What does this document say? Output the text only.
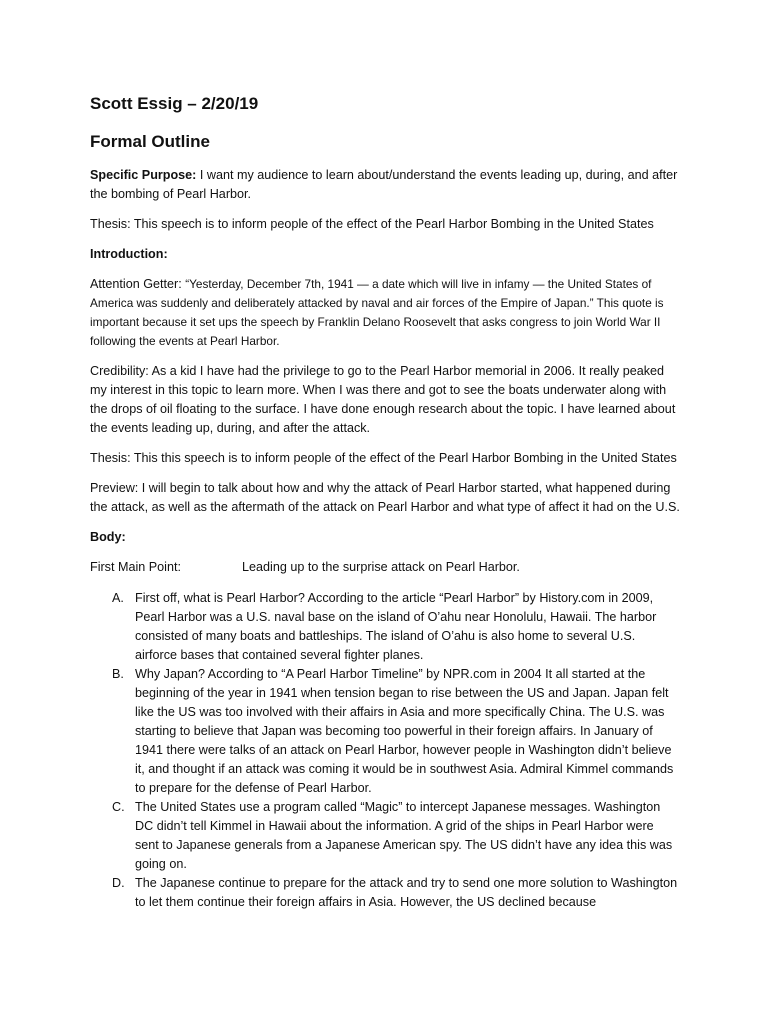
Scott Essig – 2/20/19
Formal Outline

Specific Purpose: I want my audience to learn about/understand the events leading up, during, and after the bombing of Pearl Harbor.

Thesis: This speech is to inform people of the effect of the Pearl Harbor Bombing in the United States

Introduction:

Attention Getter: “Yesterday, December 7th, 1941 — a date which will live in infamy — the United States of America was suddenly and deliberately attacked by naval and air forces of the Empire of Japan.” This quote is important because it set ups the speech by Franklin Delano Roosevelt that asks congress to join World War II following the events at Pearl Harbor.

Credibility: As a kid I have had the privilege to go to the Pearl Harbor memorial in 2006. It really peaked my interest in this topic to learn more. When I was there and got to see the boats underwater along with the drops of oil floating to the surface. I have done enough research about the topic. I have learned about the events leading up, during, and after the attack.

Thesis: This this speech is to inform people of the effect of the Pearl Harbor Bombing in the United States

Preview: I will begin to talk about how and why the attack of Pearl Harbor started, what happened during the attack, as well as the aftermath of the attack on Pearl Harbor and what type of affect it had on the U.S.

Body:

First Main Point:	Leading up to the surprise attack on Pearl Harbor.
A. First off, what is Pearl Harbor? According to the article “Pearl Harbor” by History.com in 2009, Pearl Harbor was a U.S. naval base on the island of O’ahu near Honolulu, Hawaii. The harbor consisted of many boats and battleships. The island of O’ahu is also home to several U.S. airforce bases that contained several fighter planes.
B. Why Japan? According to “A Pearl Harbor Timeline” by NPR.com in 2004 It all started at the beginning of the year in 1941 when tension began to rise between the US and Japan. Japan felt like the US was too involved with their affairs in Asia and more specifically China. The U.S. was starting to believe that Japan was becoming too powerful in their foreign affairs. In January of 1941 there were talks of an attack on Pearl Harbor, however people in Washington didn’t believe it, and thought if an attack was coming it would be in southwest Asia. Admiral Kimmel commands to prepare for the defense of Pearl Harbor.
C. The United States use a program called “Magic” to intercept Japanese messages. Washington DC didn’t tell Kimmel in Hawaii about the information. A grid of the ships in Pearl Harbor were sent to Japanese generals from a Japanese American spy. The US didn’t have any idea this was going on.
D. The Japanese continue to prepare for the attack and try to send one more solution to Washington to let them continue their foreign affairs in Asia. However, the US declined because
